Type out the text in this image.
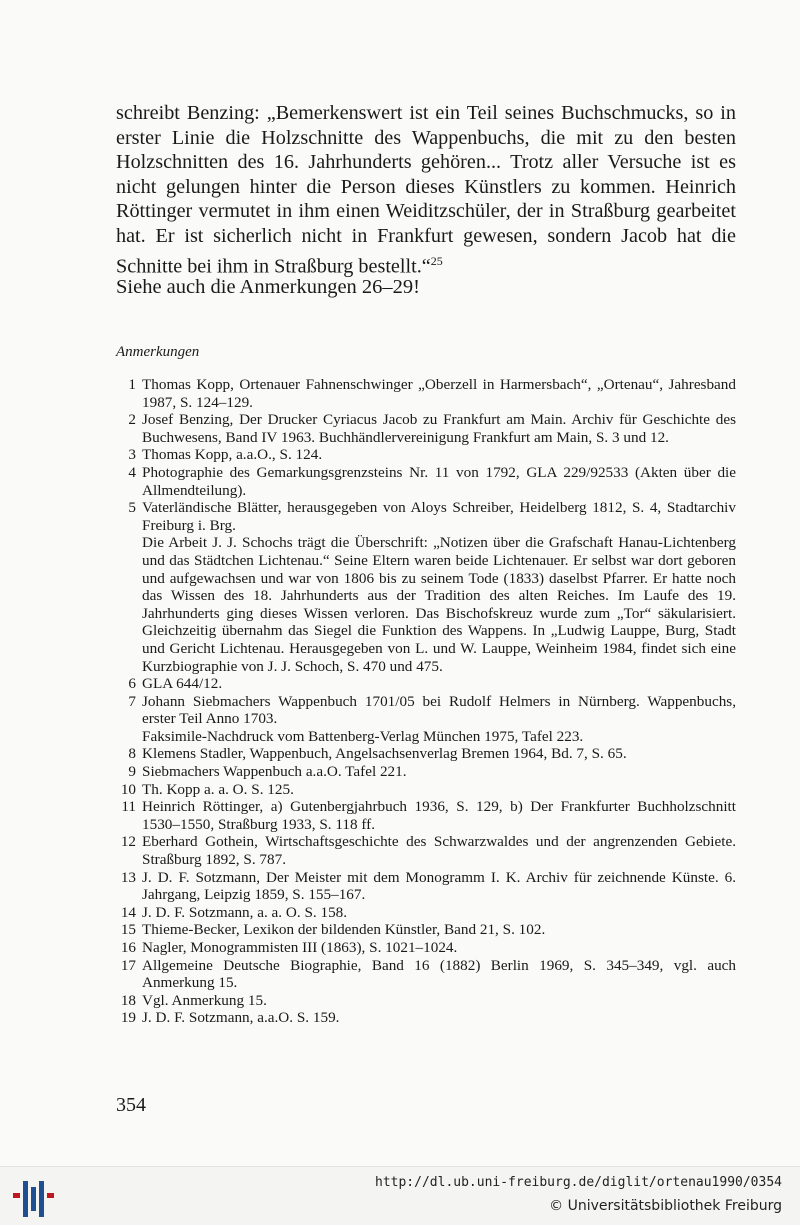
schreibt Benzing: „Bemerkenswert ist ein Teil seines Buchschmucks, so in erster Linie die Holzschnitte des Wappenbuchs, die mit zu den besten Holzschnitten des 16. Jahrhunderts gehören... Trotz aller Versuche ist es nicht gelungen hinter die Person dieses Künstlers zu kommen. Heinrich Röttinger vermutet in ihm einen Weiditzschüler, der in Straßburg gearbeitet hat. Er ist sicherlich nicht in Frankfurt gewesen, sondern Jacob hat die Schnitte bei ihm in Straßburg bestellt.“$^{25}$

Siehe auch die Anmerkungen 26–29!
Anmerkungen
1 Thomas Kopp, Ortenauer Fahnenschwinger „Oberzell in Harmersbach“, „Ortenau“, Jahresband 1987, S. 124–129.
2 Josef Benzing, Der Drucker Cyriacus Jacob zu Frankfurt am Main. Archiv für Geschichte des Buchwesens, Band IV 1963. Buchhändlervereinigung Frankfurt am Main, S. 3 und 12.
3 Thomas Kopp, a.a.O., S. 124.
4 Photographie des Gemarkungsgrenzsteins Nr. 11 von 1792, GLA 229/92533 (Akten über die Allmendteilung).
5 Vaterländische Blätter, herausgegeben von Aloys Schreiber, Heidelberg 1812, S. 4, Stadtarchiv Freiburg i. Brg.
Die Arbeit J. J. Schochs trägt die Überschrift: „Notizen über die Grafschaft Hanau-Lichtenberg und das Städtchen Lichtenau.“ Seine Eltern waren beide Lichtenauer. Er selbst war dort geboren und aufgewachsen und war von 1806 bis zu seinem Tode (1833) daselbst Pfarrer. Er hatte noch das Wissen des 18. Jahrhunderts aus der Tradition des alten Reiches. Im Laufe des 19. Jahrhunderts ging dieses Wissen verloren. Das Bischofskreuz wurde zum „Tor“ säkularisiert. Gleichzeitig übernahm das Siegel die Funktion des Wappens. In „Ludwig Lauppe, Burg, Stadt und Gericht Lichtenau. Herausgegeben von L. und W. Lauppe, Weinheim 1984, findet sich eine Kurzbiographie von J. J. Schoch, S. 470 und 475.
6 GLA 644/12.
7 Johann Siebmachers Wappenbuch 1701/05 bei Rudolf Helmers in Nürnberg. Wappenbuchs, erster Teil Anno 1703.
Faksimile-Nachdruck vom Battenberg-Verlag München 1975, Tafel 223.
8 Klemens Stadler, Wappenbuch, Angelsachsenverlag Bremen 1964, Bd. 7, S. 65.
9 Siebmachers Wappenbuch a.a.O. Tafel 221.
10 Th. Kopp a. a. O. S. 125.
11 Heinrich Röttinger, a) Gutenbergjahrbuch 1936, S. 129, b) Der Frankfurter Buchholzschnitt 1530–1550, Straßburg 1933, S. 118 ff.
12 Eberhard Gothein, Wirtschaftsgeschichte des Schwarzwaldes und der angrenzenden Gebiete. Straßburg 1892, S. 787.
13 J. D. F. Sotzmann, Der Meister mit dem Monogramm I. K. Archiv für zeichnende Künste. 6. Jahrgang, Leipzig 1859, S. 155–167.
14 J. D. F. Sotzmann, a. a. O. S. 158.
15 Thieme-Becker, Lexikon der bildenden Künstler, Band 21, S. 102.
16 Nagler, Monogrammisten III (1863), S. 1021–1024.
17 Allgemeine Deutsche Biographie, Band 16 (1882) Berlin 1969, S. 345–349, vgl. auch Anmerkung 15.
18 Vgl. Anmerkung 15.
19 J. D. F. Sotzmann, a.a.O. S. 159.
354
http://dl.ub.uni-freiburg.de/diglit/ortenau1990/0354
© Universitätsbibliothek Freiburg
